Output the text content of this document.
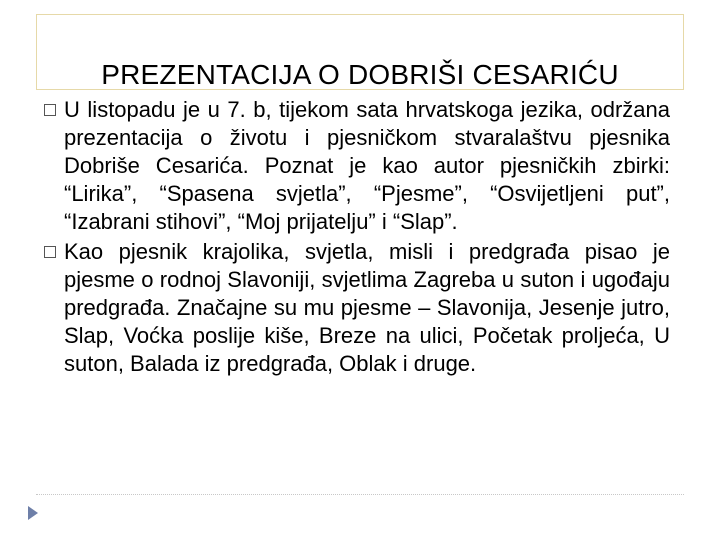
PREZENTACIJA O DOBRIŠI CESARIĆU
U listopadu je u 7. b, tijekom sata hrvatskoga jezika, održana prezentacija o životu i pjesničkom stvaralaštvu pjesnika Dobriše Cesarića. Poznat je kao autor pjesničkih zbirki: “Lirika”, “Spasena svjetla”, “Pjesme”, “Osvijetljeni put”, “Izabrani stihovi”, “Moj prijatelju” i “Slap”.
Kao pjesnik krajolika, svjetla, misli i predgrađa pisao je pjesme o rodnoj Slavoniji, svjetlima Zagreba u suton i ugođaju predgrađa. Značajne su mu pjesme – Slavonija, Jesenje jutro, Slap, Voćka poslije kiše, Breze na ulici, Početak proljeća, U suton, Balada iz predgrađa, Oblak i druge.
